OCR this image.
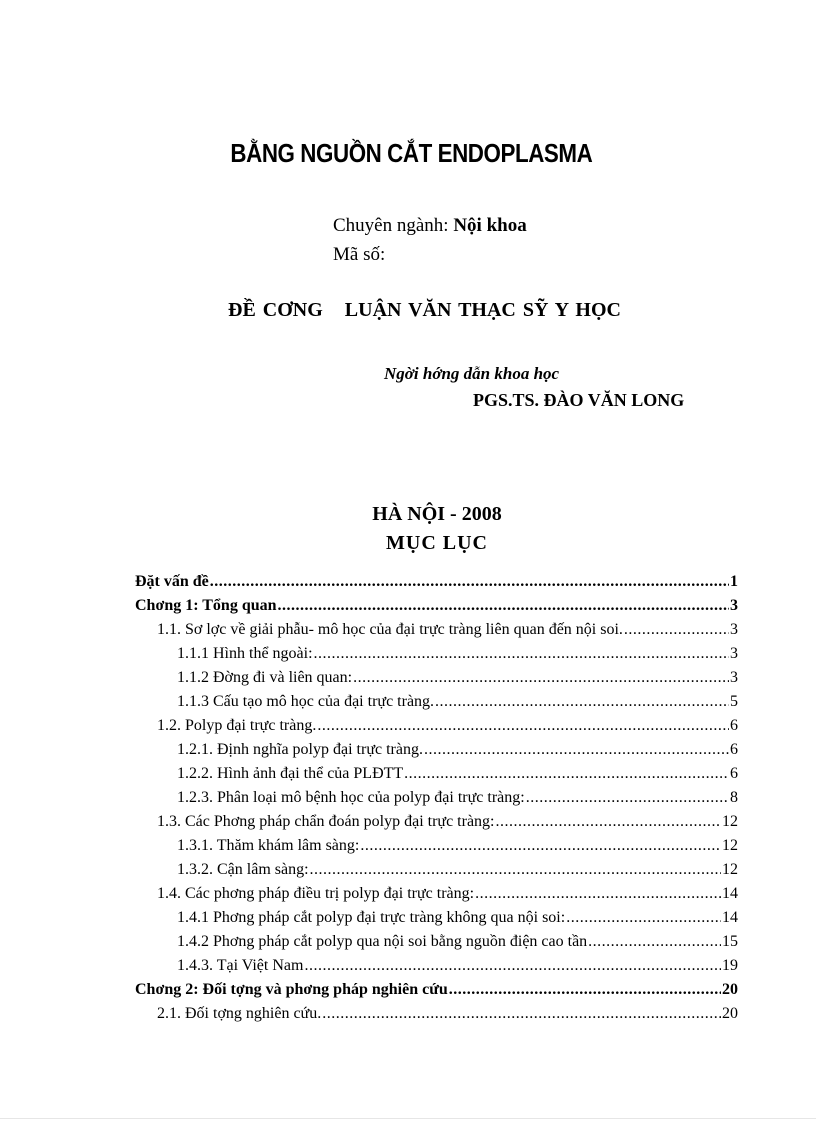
BẰNG NGUỒN CẮT ENDOPLASMA
Chuyên ngành: Nội khoa
Mã số:
ĐỀ CƠNG LUẬN VĂN THẠC SỸ Y HỌC
Ngời hớng dẫn khoa học
PGS.TS. ĐÀO VĂN LONG
HÀ NỘI - 2008
MỤC LỤC
Đặt vấn đề .....	1
Chơng 1: Tổng quan .....	3
1.1. Sơ lợc về giải phẫu- mô học của đại trực tràng liên quan đến nội soi. .....	3
1.1.1 Hình thể ngoài: .....	3
1.1.2 Đờng đi và liên quan: .....	3
1.1.3 Cấu tạo mô học của đại trực tràng. .....	5
1.2. Polyp đại trực tràng. .....	6
1.2.1. Định nghĩa polyp đại trực tràng. .....	6
1.2.2. Hình ảnh đại thể của PLĐTT .....	6
1.2.3. Phân loại mô bệnh học của polyp đại trực tràng: .....	8
1.3. Các Phơng pháp chẩn đoán polyp đại trực tràng: .....	12
1.3.1. Thăm khám lâm sàng: .....	12
1.3.2. Cận lâm sàng: .....	12
1.4. Các phơng pháp điều trị polyp đại trực tràng: .....	14
1.4.1 Phơng pháp cắt polyp đại trực tràng không qua nội soi: .....	14
1.4.2 Phơng pháp cắt polyp qua nội soi bằng nguồn điện cao tần .....	15
1.4.3. Tại Việt Nam .....	19
Chơng 2: Đối tợng và phơng pháp nghiên cứu .....	20
2.1. Đối tợng nghiên cứu. .....	20
